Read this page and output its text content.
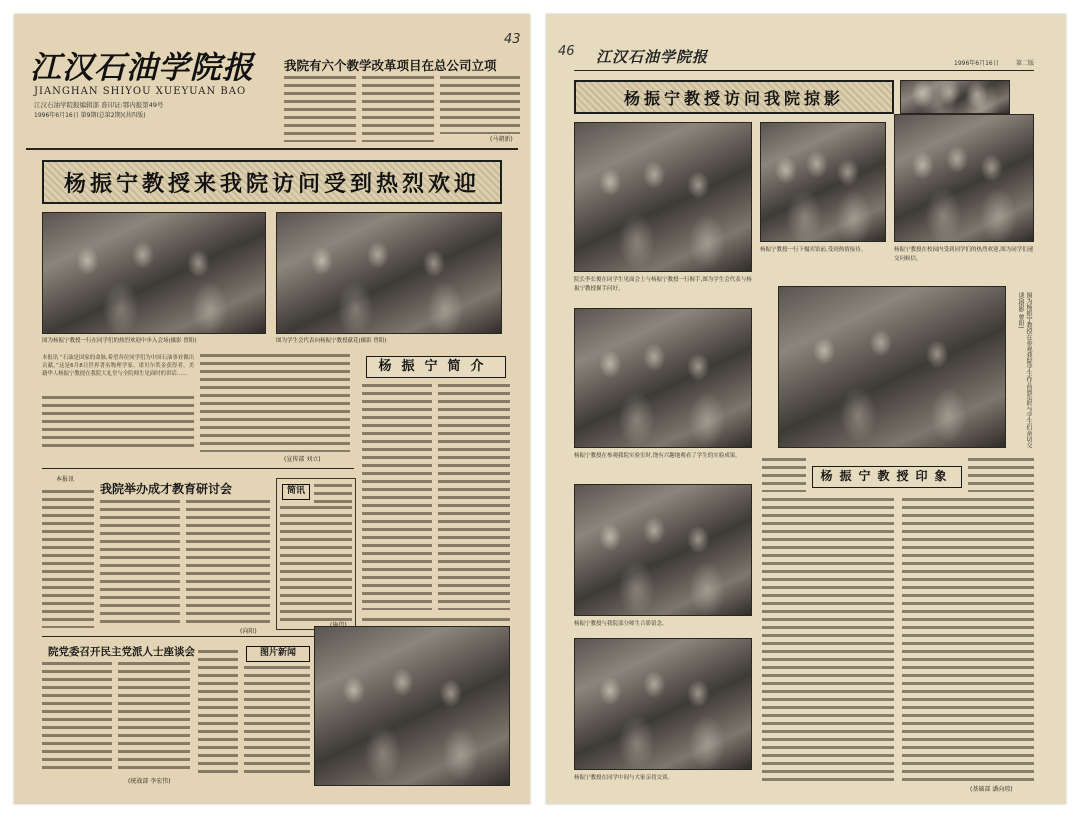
江汉石油学院报
JIANGHAN SHIYOU XUEYUAN BAO
江汉石油学院报编辑部 准印证:鄂内报第49号
1996年6月16日 第9期(总第2期)(共四版)
43
我院有六个教学改革项目在总公司立项
(马朝新)
杨振宁教授来我院访问受到热烈欢迎
图为杨振宁教授一行在同学们的热烈欢迎中步入会场(摄影 曾阳)	图为学生会代表向杨振宁教授献花(摄影 曾阳)
本报讯 “石油是国家的命脉,希望各位同学们为中国石油事业做出贡献。”这是6月8日世界著名物理学家、诺贝尔奖金获得者、美籍华人杨振宁教授在我院大礼堂与全院师生见面时的讲话……
(宣传部 刘立)
杨振宁简介
本报讯
我院举办成才教育研讨会
(向阳)
简讯
院党委召开民主党派人士座谈会
(统战部 李宏伟)
图片新闻
46 江汉石油学院报	1996年6月16日	第二版
杨振宁教授访问我院掠影
杨振宁教授一行下榻宾馆前,受到热情接待。	杨振宁教授在校园内受到同学们的热烈欢迎,图为同学们递交问候信。
院长李长俊在同学生见面会上与杨振宁教授一行握手,图为学生会代表与杨振宁教授握手问好。
图为杨振宁教授在参观我院学生作品展览时与学生们亲切交谈(摄影 曾阳)
杨振宁教授在参观我院实验室时,饶有兴趣地观看了学生的实验成果。
杨振宁教授与我院部分师生合影留念。
杨振宁教授在同学中间与大家亲切交谈。
杨振宁教授印象
(基础部 潘向琼)
